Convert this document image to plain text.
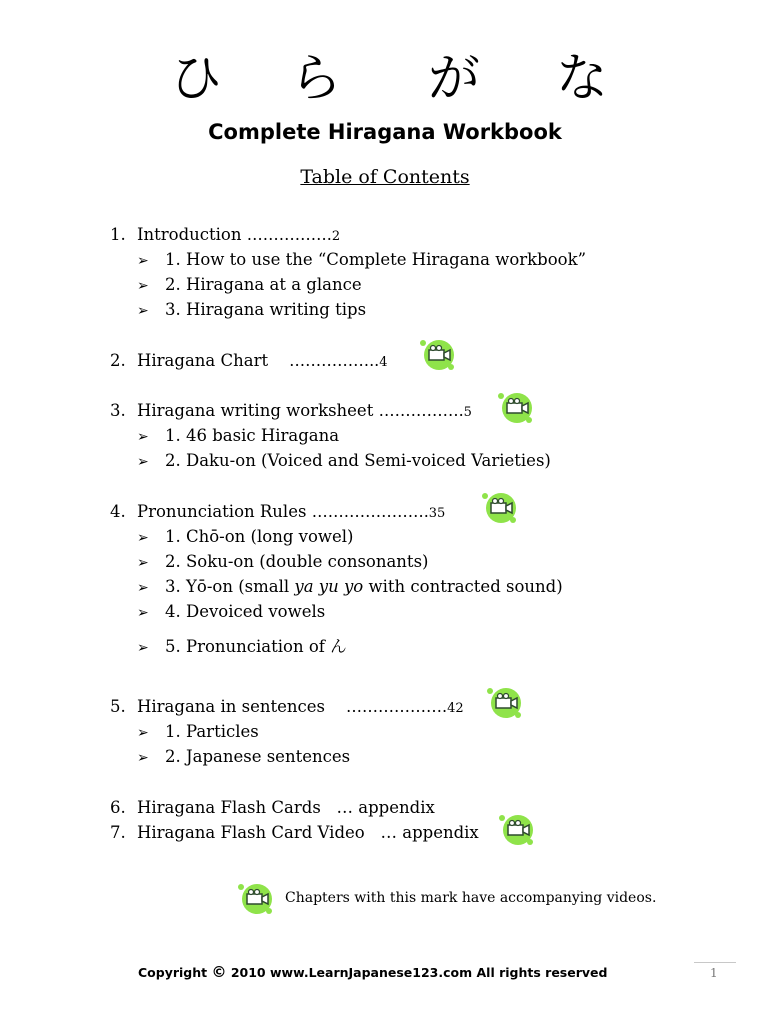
ひ ら が な
Complete Hiragana Workbook
Table of Contents
1. Introduction …………….2
➢ 1. How to use the “Complete Hiragana workbook”
➢ 2. Hiragana at a glance
➢ 3. Hiragana writing tips
2. Hiragana Chart ……………..4
3. Hiragana writing worksheet …………….5
➢ 1. 46 basic Hiragana
➢ 2. Daku-on (Voiced and Semi-voiced Varieties)
4. Pronunciation Rules ………………….35
➢ 1. Chō-on (long vowel)
➢ 2. Soku-on (double consonants)
➢ 3. Yō-on (small ya yu yo with contracted sound)
➢ 4. Devoiced vowels
➢ 5. Pronunciation of ん
5. Hiragana in sentences ……………….42
➢ 1. Particles
➢ 2. Japanese sentences
6. Hiragana Flash Cards … appendix
7. Hiragana Flash Card Video … appendix
Chapters with this mark have accompanying videos.
Copyright © 2010 www.LearnJapanese123.com All rights reserved	1
